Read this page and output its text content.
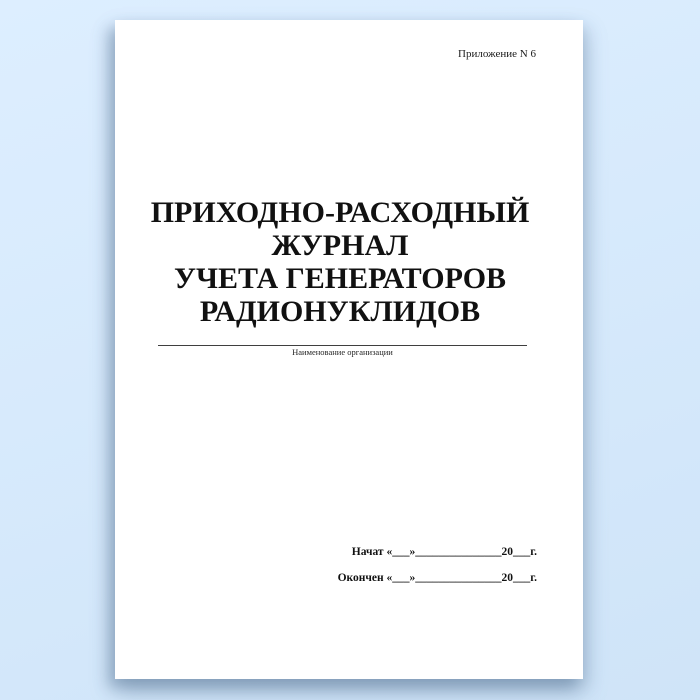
Приложение N 6
ПРИХОДНО-РАСХОДНЫЙ
ЖУРНАЛ
УЧЕТА ГЕНЕРАТОРОВ
РАДИОНУКЛИДОВ
Наименование организации
Начат «___»_______________20___г.
Окончен «___»_______________20___г.
